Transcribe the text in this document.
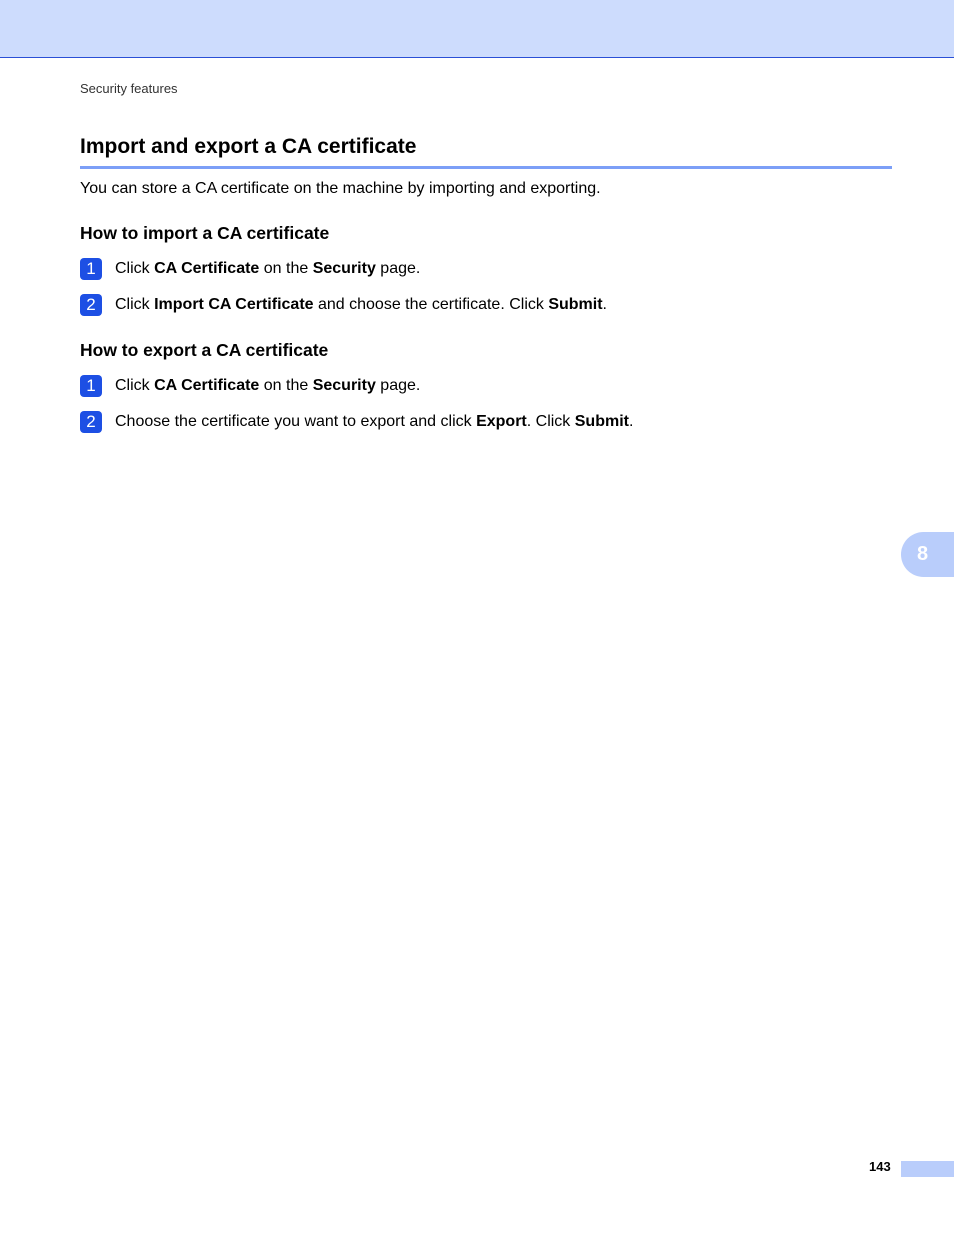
Security features
Import and export a CA certificate

You can store a CA certificate on the machine by importing and exporting.

How to import a CA certificate
1	Click CA Certificate on the Security page.
2	Click Import CA Certificate and choose the certificate. Click Submit.
How to export a CA certificate
1	Click CA Certificate on the Security page.
2	Choose the certificate you want to export and click Export. Click Submit.
8
143
